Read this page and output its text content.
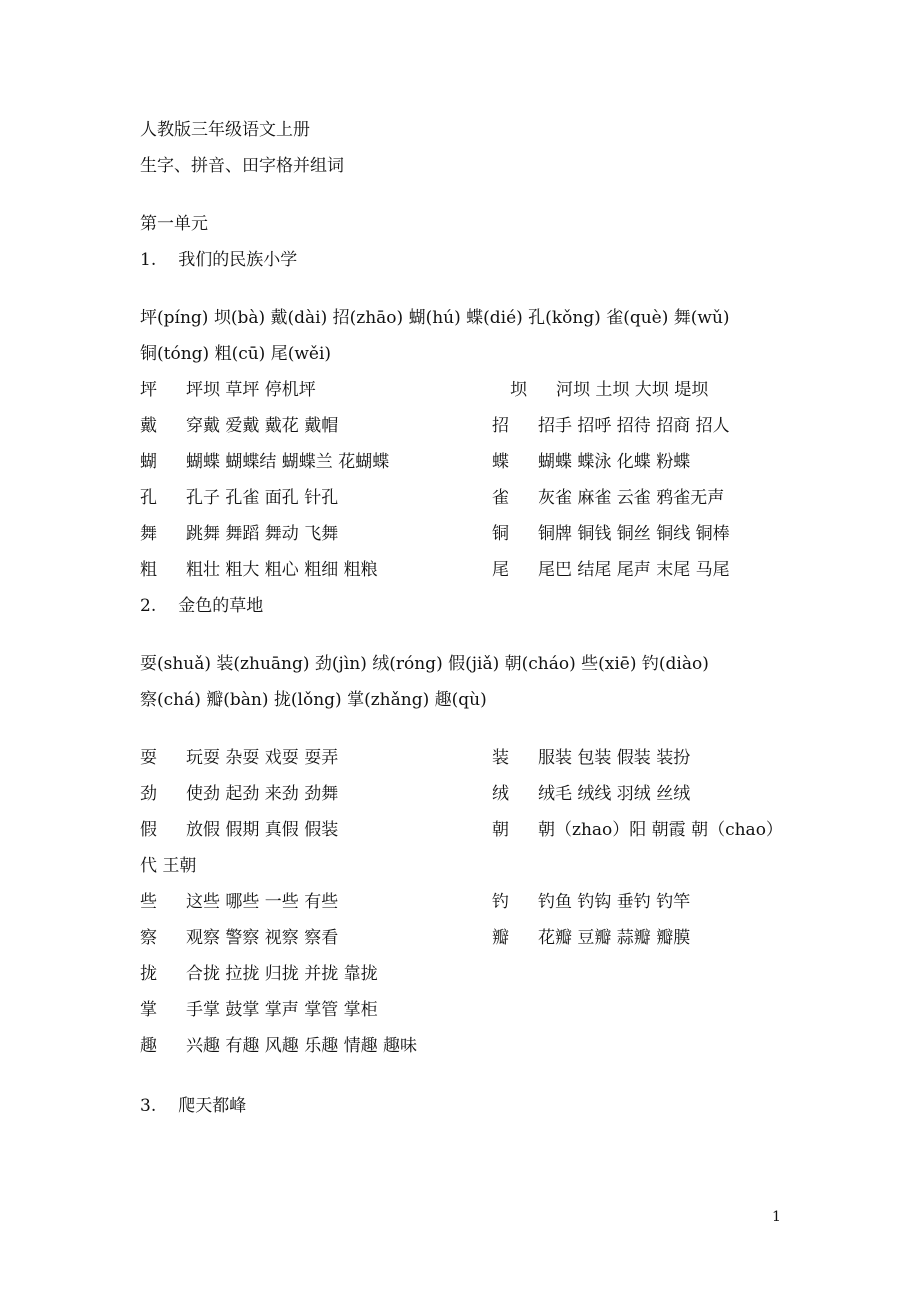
人教版三年级语文上册
生字、拼音、田字格并组词
第一单元
1. 我们的民族小学
坪(píng) 坝(bà) 戴(dài) 招(zhāo) 蝴(hú) 蝶(dié) 孔(kǒng) 雀(què) 舞(wǔ)
铜(tóng) 粗(cū) 尾(wěi)
坪 坪坝 草坪 停机坪	坝 河坝 土坝 大坝 堤坝
戴 穿戴 爱戴 戴花 戴帽	招 招手 招呼 招待 招商 招人
蝴 蝴蝶 蝴蝶结 蝴蝶兰 花蝴蝶	蝶 蝴蝶 蝶泳 化蝶 粉蝶
孔 孔子 孔雀 面孔 针孔	雀 灰雀 麻雀 云雀 鸦雀无声
舞 跳舞 舞蹈 舞动 飞舞	铜 铜牌 铜钱 铜丝 铜线 铜棒
粗 粗壮 粗大 粗心 粗细 粗粮	尾 尾巴 结尾 尾声 末尾 马尾
2. 金色的草地
耍(shuǎ) 装(zhuāng) 劲(jìn) 绒(róng) 假(jiǎ) 朝(cháo) 些(xiē) 钓(diào)
察(chá) 瓣(bàn) 拢(lǒng) 掌(zhǎng) 趣(qù)
耍 玩耍 杂耍 戏耍 耍弄	装 服装 包装 假装 装扮
劲 使劲 起劲 来劲 劲舞	绒 绒毛 绒线 羽绒 丝绒
假 放假 假期 真假 假装	朝 朝（zhao）阳 朝霞 朝（chao）
代 王朝
些 这些 哪些 一些 有些	钓 钓鱼 钓钩 垂钓 钓竿
察 观察 警察 视察 察看	瓣 花瓣 豆瓣 蒜瓣 瓣膜
拢 合拢 拉拢 归拢 并拢 靠拢
掌 手掌 鼓掌 掌声 掌管 掌柜
趣 兴趣 有趣 风趣 乐趣 情趣 趣味
3. 爬天都峰
1
